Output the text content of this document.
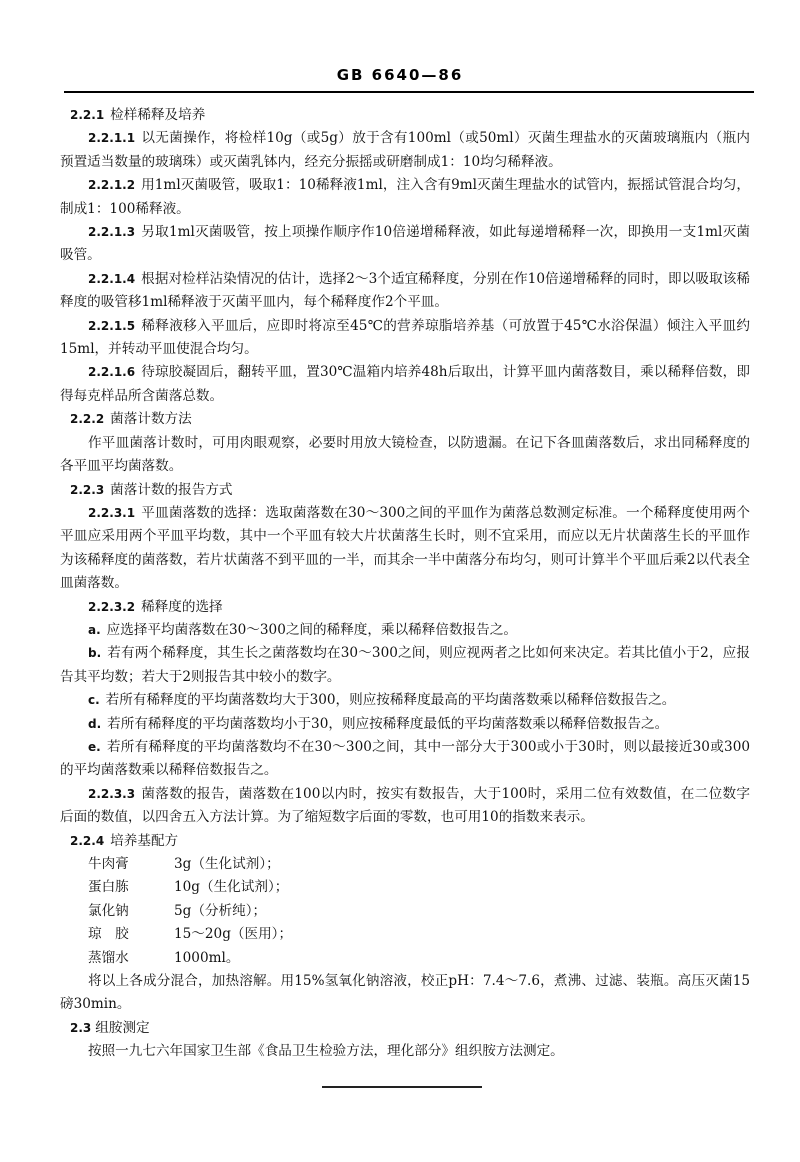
GB 6640—86

2.2.1 检样稀释及培养

2.2.1.1 以无菌操作，将检样10g（或5g）放于含有100ml（或50ml）灭菌生理盐水的灭菌玻璃瓶内（瓶内预置适当数量的玻璃珠）或灭菌乳钵内，经充分振摇或研磨制成1：10均匀稀释液。

2.2.1.2 用1ml灭菌吸管，吸取1：10稀释液1ml，注入含有9ml灭菌生理盐水的试管内，振摇试管混合均匀，制成1：100稀释液。

2.2.1.3 另取1ml灭菌吸管，按上项操作顺序作10倍递增稀释液，如此每递增稀释一次，即换用一支1ml灭菌吸管。

2.2.1.4 根据对检样沾染情况的估计，选择2～3个适宜稀释度，分别在作10倍递增稀释的同时，即以吸取该稀释度的吸管移1ml稀释液于灭菌平皿内，每个稀释度作2个平皿。

2.2.1.5 稀释液移入平皿后，应即时将凉至45℃的营养琼脂培养基（可放置于45℃水浴保温）倾注入平皿约15ml，并转动平皿使混合均匀。

2.2.1.6 待琼胶凝固后，翻转平皿，置30℃温箱内培养48h后取出，计算平皿内菌落数目，乘以稀释倍数，即得每克样品所含菌落总数。

2.2.2 菌落计数方法

作平皿菌落计数时，可用肉眼观察，必要时用放大镜检查，以防遗漏。在记下各皿菌落数后，求出同稀释度的各平皿平均菌落数。

2.2.3 菌落计数的报告方式

2.2.3.1 平皿菌落数的选择：选取菌落数在30～300之间的平皿作为菌落总数测定标准。一个稀释度使用两个平皿应采用两个平皿平均数，其中一个平皿有较大片状菌落生长时，则不宜采用，而应以无片状菌落生长的平皿作为该稀释度的菌落数，若片状菌落不到平皿的一半，而其余一半中菌落分布均匀，则可计算半个平皿后乘2以代表全皿菌落数。

2.2.3.2 稀释度的选择

a. 应选择平均菌落数在30～300之间的稀释度，乘以稀释倍数报告之。

b. 若有两个稀释度，其生长之菌落数均在30～300之间，则应视两者之比如何来决定。若其比值小于2，应报告其平均数；若大于2则报告其中较小的数字。

c. 若所有稀释度的平均菌落数均大于300，则应按稀释度最高的平均菌落数乘以稀释倍数报告之。

d. 若所有稀释度的平均菌落数均小于30，则应按稀释度最低的平均菌落数乘以稀释倍数报告之。

e. 若所有稀释度的平均菌落数均不在30～300之间，其中一部分大于300或小于30时，则以最接近30或300的平均菌落数乘以稀释倍数报告之。

2.2.3.3 菌落数的报告，菌落数在100以内时，按实有数报告，大于100时，采用二位有效数值，在二位数字后面的数值，以四舍五入方法计算。为了缩短数字后面的零数，也可用10的指数来表示。

2.2.4 培养基配方

牛肉膏	3g（生化试剂）；
蛋白胨	10g（生化试剂）；
氯化钠	5g（分析纯）；
琼　胶	15～20g（医用）；
蒸馏水	1000ml。

将以上各成分混合，加热溶解。用15%氢氧化钠溶液，校正pH：7.4～7.6，煮沸、过滤、装瓶。高压灭菌15磅30min。

2.3 组胺测定

按照一九七六年国家卫生部《食品卫生检验方法，理化部分》组织胺方法测定。
